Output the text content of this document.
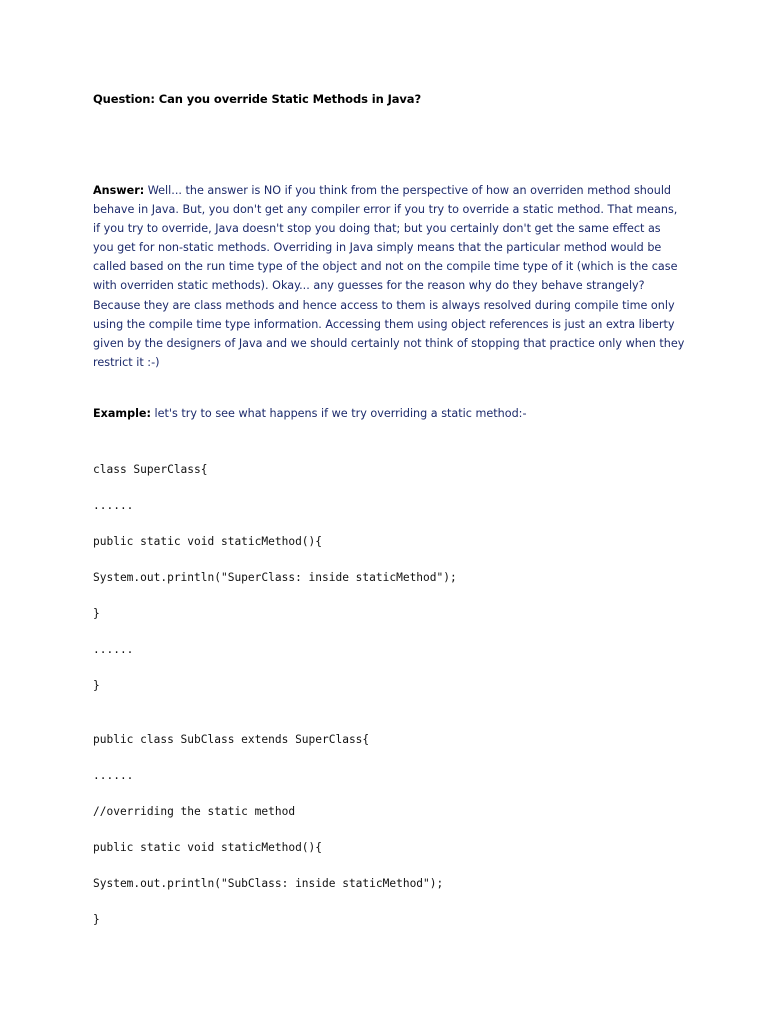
Question: Can you override Static Methods in Java?
Answer: Well... the answer is NO if you think from the perspective of how an overriden method should
behave in Java. But, you don't get any compiler error if you try to override a static method. That means,
if you try to override, Java doesn't stop you doing that; but you certainly don't get the same effect as
you get for non-static methods. Overriding in Java simply means that the particular method would be
called based on the run time type of the object and not on the compile time type of it (which is the case
with overriden static methods). Okay... any guesses for the reason why do they behave strangely?
Because they are class methods and hence access to them is always resolved during compile time only
using the compile time type information. Accessing them using object references is just an extra liberty
given by the designers of Java and we should certainly not think of stopping that practice only when they
restrict it :-)
Example: let's try to see what happens if we try overriding a static method:-
class SuperClass{
......
public static void staticMethod(){
System.out.println("SuperClass: inside staticMethod");
}
......
}
public class SubClass extends SuperClass{
......
//overriding the static method
public static void staticMethod(){
System.out.println("SubClass: inside staticMethod");
}
